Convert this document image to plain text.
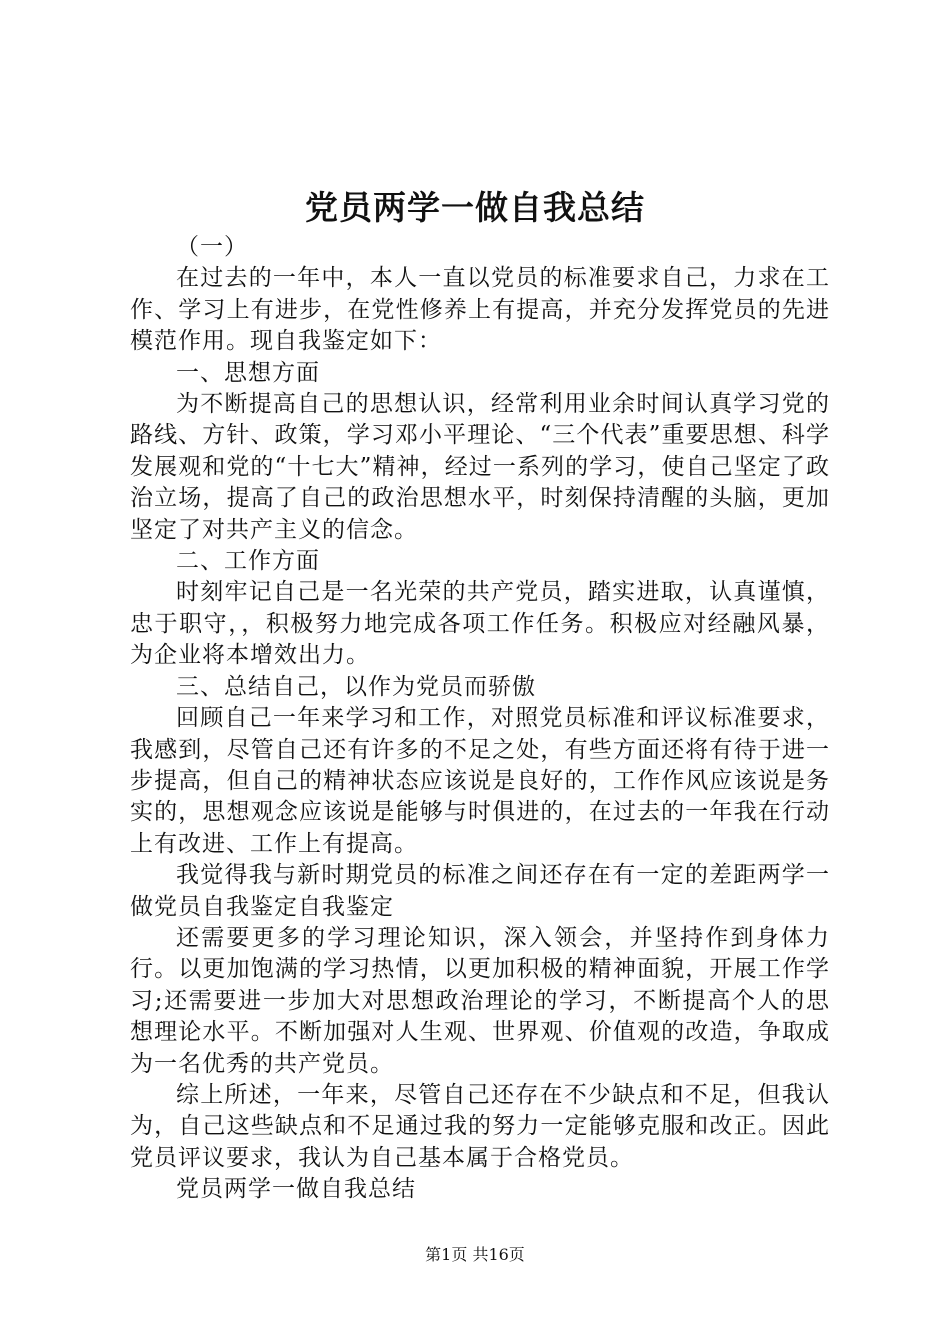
党员两学一做自我总结

（一）

在过去的一年中，本人一直以党员的标准要求自己，力求在工作、学习上有进步，在党性修养上有提高，并充分发挥党员的先进模范作用。现自我鉴定如下：

一、思想方面

为不断提高自己的思想认识，经常利用业余时间认真学习党的路线、方针、政策，学习邓小平理论、“三个代表”重要思想、科学发展观和党的“十七大”精神，经过一系列的学习，使自己坚定了政治立场，提高了自己的政治思想水平，时刻保持清醒的头脑，更加坚定了对共产主义的信念。

二、工作方面

时刻牢记自己是一名光荣的共产党员，踏实进取，认真谨慎，忠于职守，，积极努力地完成各项工作任务。积极应对经融风暴，为企业将本增效出力。

三、总结自己，以作为党员而骄傲

回顾自己一年来学习和工作，对照党员标准和评议标准要求，我感到，尽管自己还有许多的不足之处，有些方面还将有待于进一步提高，但自己的精神状态应该说是良好的，工作作风应该说是务实的，思想观念应该说是能够与时俱进的，在过去的一年我在行动上有改进、工作上有提高。

我觉得我与新时期党员的标准之间还存在有一定的差距两学一做党员自我鉴定自我鉴定

还需要更多的学习理论知识，深入领会，并坚持作到身体力行。以更加饱满的学习热情，以更加积极的精神面貌，开展工作学习;还需要进一步加大对思想政治理论的学习，不断提高个人的思想理论水平。不断加强对人生观、世界观、价值观的改造，争取成为一名优秀的共产党员。

综上所述，一年来，尽管自己还存在不少缺点和不足，但我认为，自己这些缺点和不足通过我的努力一定能够克服和改正。因此党员评议要求，我认为自己基本属于合格党员。

党员两学一做自我总结

第1页 共16页
